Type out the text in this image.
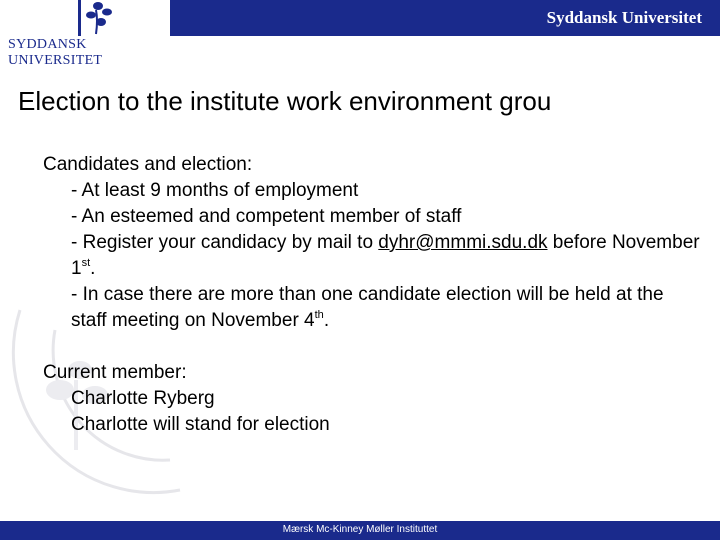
SYDDANSK UNIVERSITET
Syddansk Universitet
Election to the institute work environment grou
Candidates and election:
- At least 9 months of employment
- An esteemed and competent member of staff
- Register your candidacy by mail to dyhr@mmmi.sdu.dk before November 1st.
- In case there are more than one candidate election will be held at the staff meeting on November 4th.
Current member:
Charlotte Ryberg
Charlotte will stand for election
Mærsk Mc-Kinney Møller Instituttet
